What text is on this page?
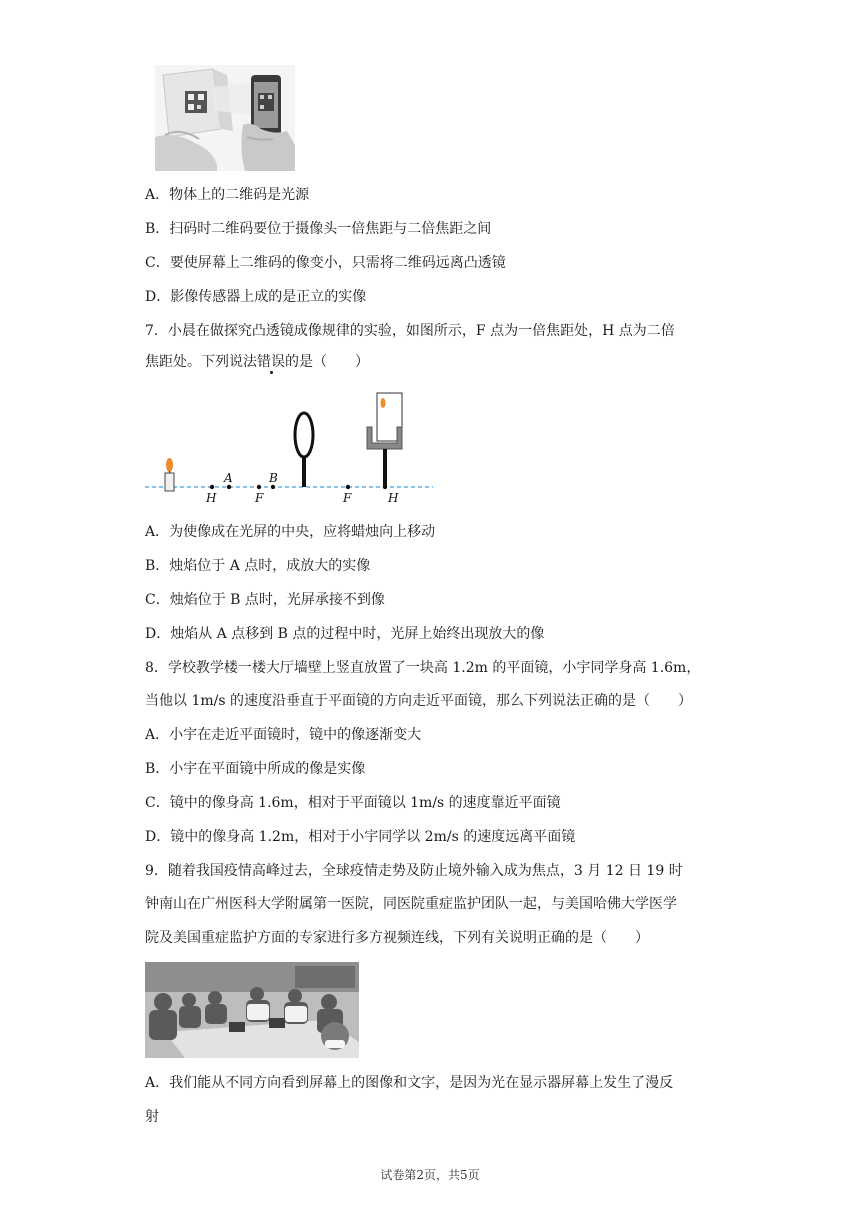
A．物体上的二维码是光源
B．扫码时二维码要位于摄像头一倍焦距与二倍焦距之间
C．要使屏幕上二维码的像变小，只需将二维码远离凸透镜
D．影像传感器上成的是正立的实像
7．小晨在做探究凸透镜成像规律的实验，如图所示，F 点为一倍焦距处，H 点为二倍
焦距处。下列说法错误的是（　　）
A	B
H	F	F	H
A．为使像成在光屏的中央，应将蜡烛向上移动
B．烛焰位于 A 点时，成放大的实像
C．烛焰位于 B 点时，光屏承接不到像
D．烛焰从 A 点移到 B 点的过程中时，光屏上始终出现放大的像
8．学校教学楼一楼大厅墙壁上竖直放置了一块高 1.2m 的平面镜，小宇同学身高 1.6m，
当他以 1m/s 的速度沿垂直于平面镜的方向走近平面镜，那么下列说法正确的是（　　）
A．小宇在走近平面镜时，镜中的像逐渐变大
B．小宇在平面镜中所成的像是实像
C．镜中的像身高 1.6m，相对于平面镜以 1m/s 的速度靠近平面镜
D．镜中的像身高 1.2m，相对于小宇同学以 2m/s 的速度远离平面镜
9．随着我国疫情高峰过去，全球疫情走势及防止境外输入成为焦点，3 月 12 日 19 时
钟南山在广州医科大学附属第一医院，同医院重症监护团队一起，与美国哈佛大学医学
院及美国重症监护方面的专家进行多方视频连线，下列有关说明正确的是（　　）
A．我们能从不同方向看到屏幕上的图像和文字，是因为光在显示器屏幕上发生了漫反
射
试卷第2页，共5页
